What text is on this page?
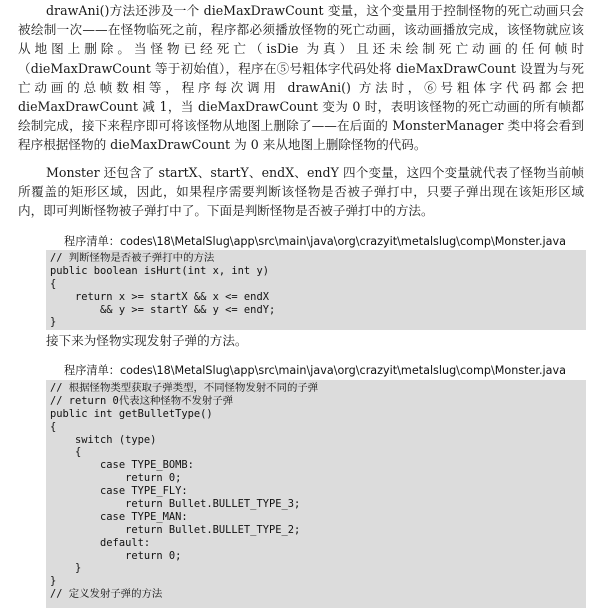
drawAni()方法还涉及一个 dieMaxDrawCount 变量，这个变量用于控制怪物的死亡动画只会被绘制一次——在怪物临死之前，程序都必须播放怪物的死亡动画，该动画播放完成，该怪物就应该从地图上删除。当怪物已经死亡（isDie 为真）且还未绘制死亡动画的任何帧时（dieMaxDrawCount 等于初始值），程序在⑤号粗体字代码处将 dieMaxDrawCount 设置为与死亡动画的总帧数相等，程序每次调用 drawAni() 方法时，⑥号粗体字代码都会把 dieMaxDrawCount 减 1，当 dieMaxDrawCount 变为 0 时，表明该怪物的死亡动画的所有帧都绘制完成，接下来程序即可将该怪物从地图上删除了——在后面的 MonsterManager 类中将会看到程序根据怪物的 dieMaxDrawCount 为 0 来从地图上删除怪物的代码。

Monster 还包含了 startX、startY、endX、endY 四个变量，这四个变量就代表了怪物当前帧所覆盖的矩形区域，因此，如果程序需要判断该怪物是否被子弹打中，只要子弹出现在该矩形区域内，即可判断怪物被子弹打中了。下面是判断怪物是否被子弹打中的方法。

程序清单：codes\18\MetalSlug\app\src\main\java\org\crazyit\metalslug\comp\Monster.java
// 判断怪物是否被子弹打中的方法
public boolean isHurt(int x, int y)
{
return x >= startX && x <= endX
&& y >= startY && y <= endY;
}
接下来为怪物实现发射子弹的方法。
程序清单：codes\18\MetalSlug\app\src\main\java\org\crazyit\metalslug\comp\Monster.java
// 根据怪物类型获取子弹类型，不同怪物发射不同的子弹
// return 0代表这种怪物不发射子弹
public int getBulletType()
{
switch (type)
{
case TYPE_BOMB:
return 0;
case TYPE_FLY:
return Bullet.BULLET_TYPE_3;
case TYPE_MAN:
return Bullet.BULLET_TYPE_2;
default:
return 0;
}
}
// 定义发射子弹的方法
